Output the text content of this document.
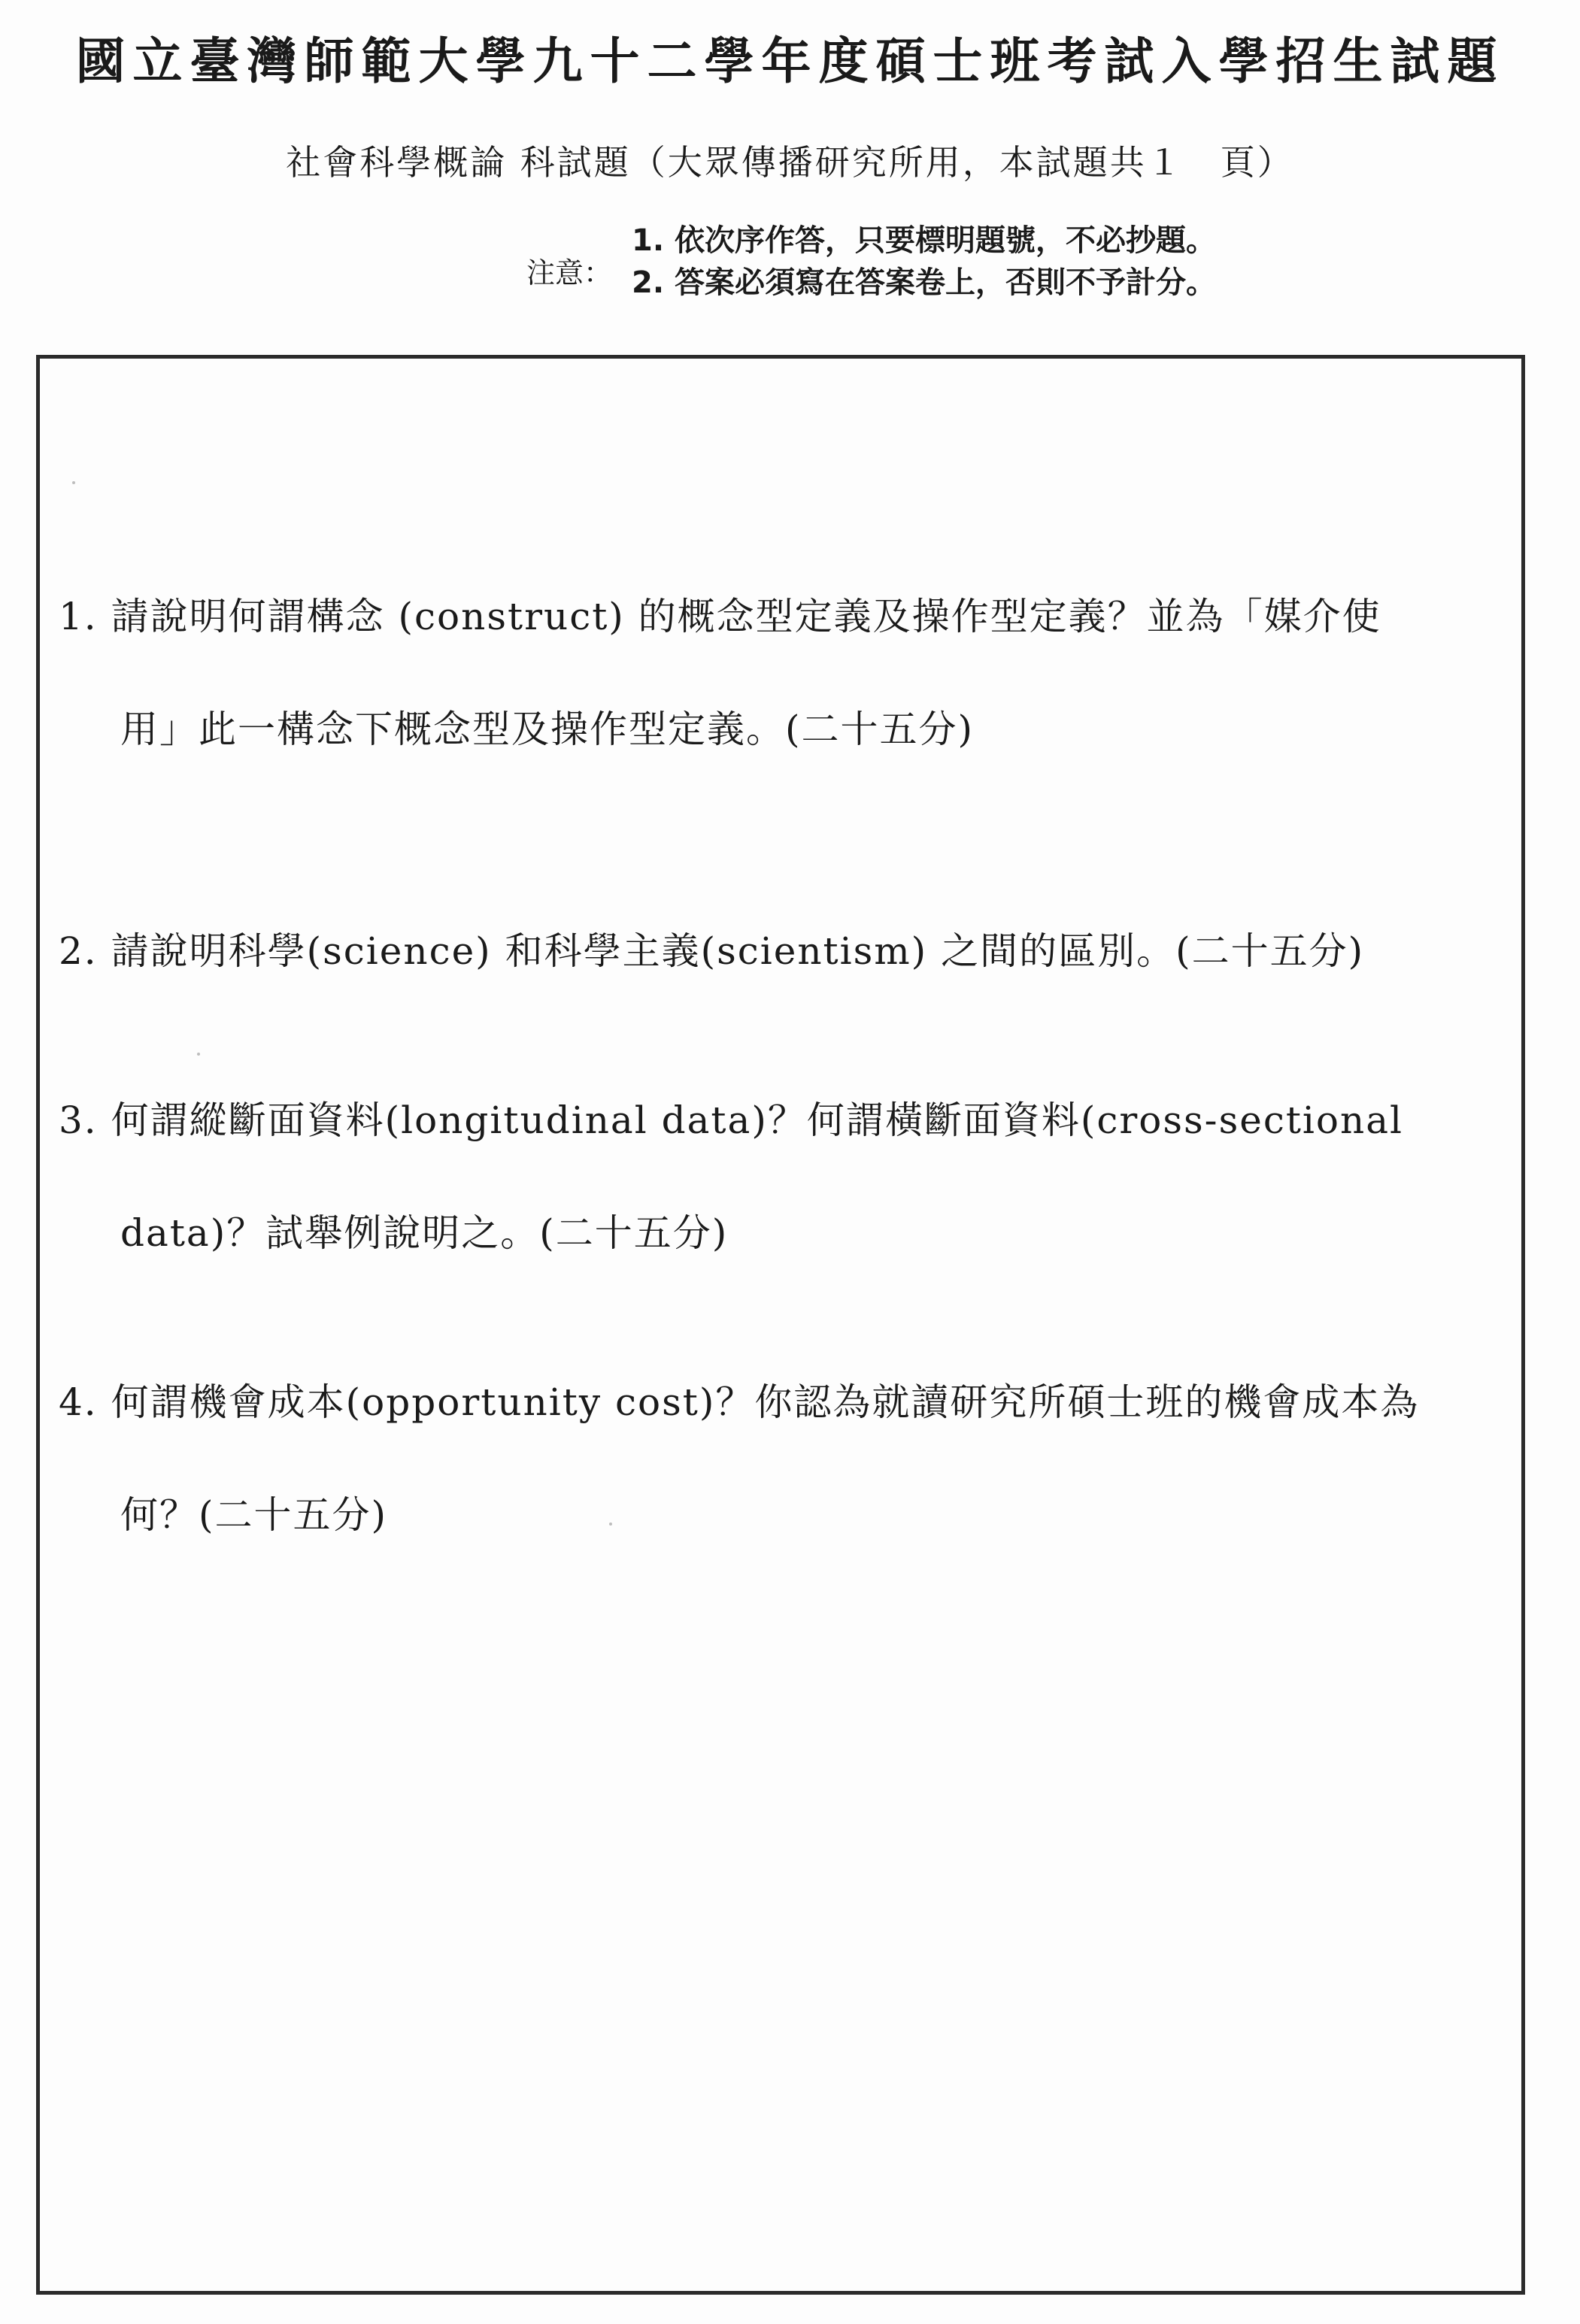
國立臺灣師範大學九十二學年度碩士班考試入學招生試題
社會科學概論 科試題（大眾傳播研究所用，本試題共１　頁）
注意：
1. 依次序作答，只要標明題號，不必抄題。
2. 答案必須寫在答案卷上，否則不予計分。
1. 請說明何謂構念 (construct) 的概念型定義及操作型定義？並為「媒介使
用」此一構念下概念型及操作型定義。(二十五分)
2. 請說明科學(science) 和科學主義(scientism) 之間的區別。(二十五分)
3. 何謂縱斷面資料(longitudinal data)？何謂橫斷面資料(cross-sectional
data)？試舉例說明之。(二十五分)
4. 何謂機會成本(opportunity cost)？你認為就讀研究所碩士班的機會成本為
何？(二十五分)
